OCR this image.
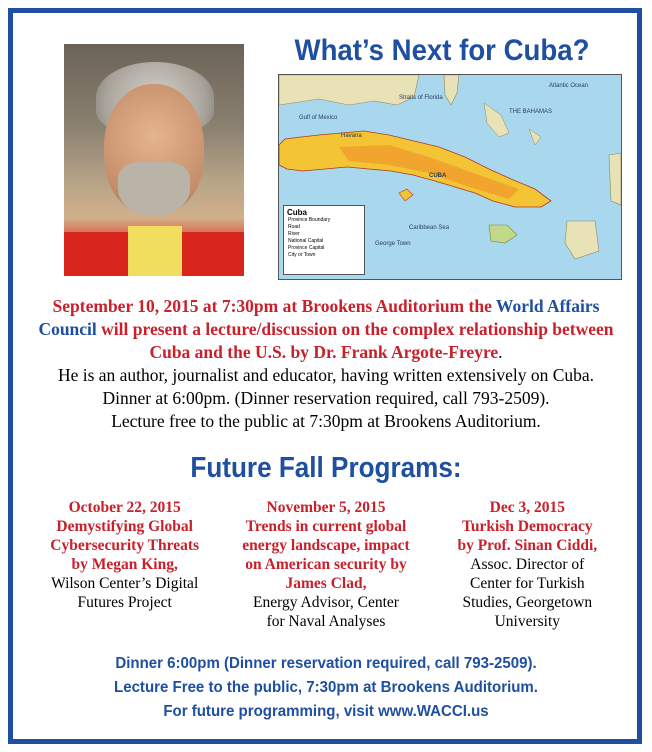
What’s Next for Cuba?
Gulf of Mexico
Atlantic Ocean
THE BAHAMAS
Straits of Florida
Havana
CUBA
Caribbean Sea
George Town
Cuba
Province Boundary
Road
River
National Capital
Province Capital
City or Town
September 10, 2015 at 7:30pm at Brookens Auditorium the World Affairs Council will present a lecture/discussion on the complex relationship between Cuba and the U.S. by Dr. Frank Argote-Freyre.
He is an author, journalist and educator, having written extensively on Cuba.
Dinner at 6:00pm. (Dinner reservation required, call 793-2509).
Lecture free to the public at 7:30pm at Brookens Auditorium.
Future Fall Programs:
October 22, 2015
Demystifying Global
Cybersecurity Threats
by Megan King,
Wilson Center’s Digital
Futures Project
November 5, 2015
Trends in current global
energy landscape, impact
on American security by
James Clad,
Energy Advisor, Center
for Naval Analyses
Dec 3, 2015
Turkish Democracy
by Prof. Sinan Ciddi,
Assoc. Director of
Center for Turkish
Studies, Georgetown
University
Dinner 6:00pm (Dinner reservation required, call 793-2509).
Lecture Free to the public, 7:30pm at Brookens Auditorium.
For future programming, visit www.WACCI.us
